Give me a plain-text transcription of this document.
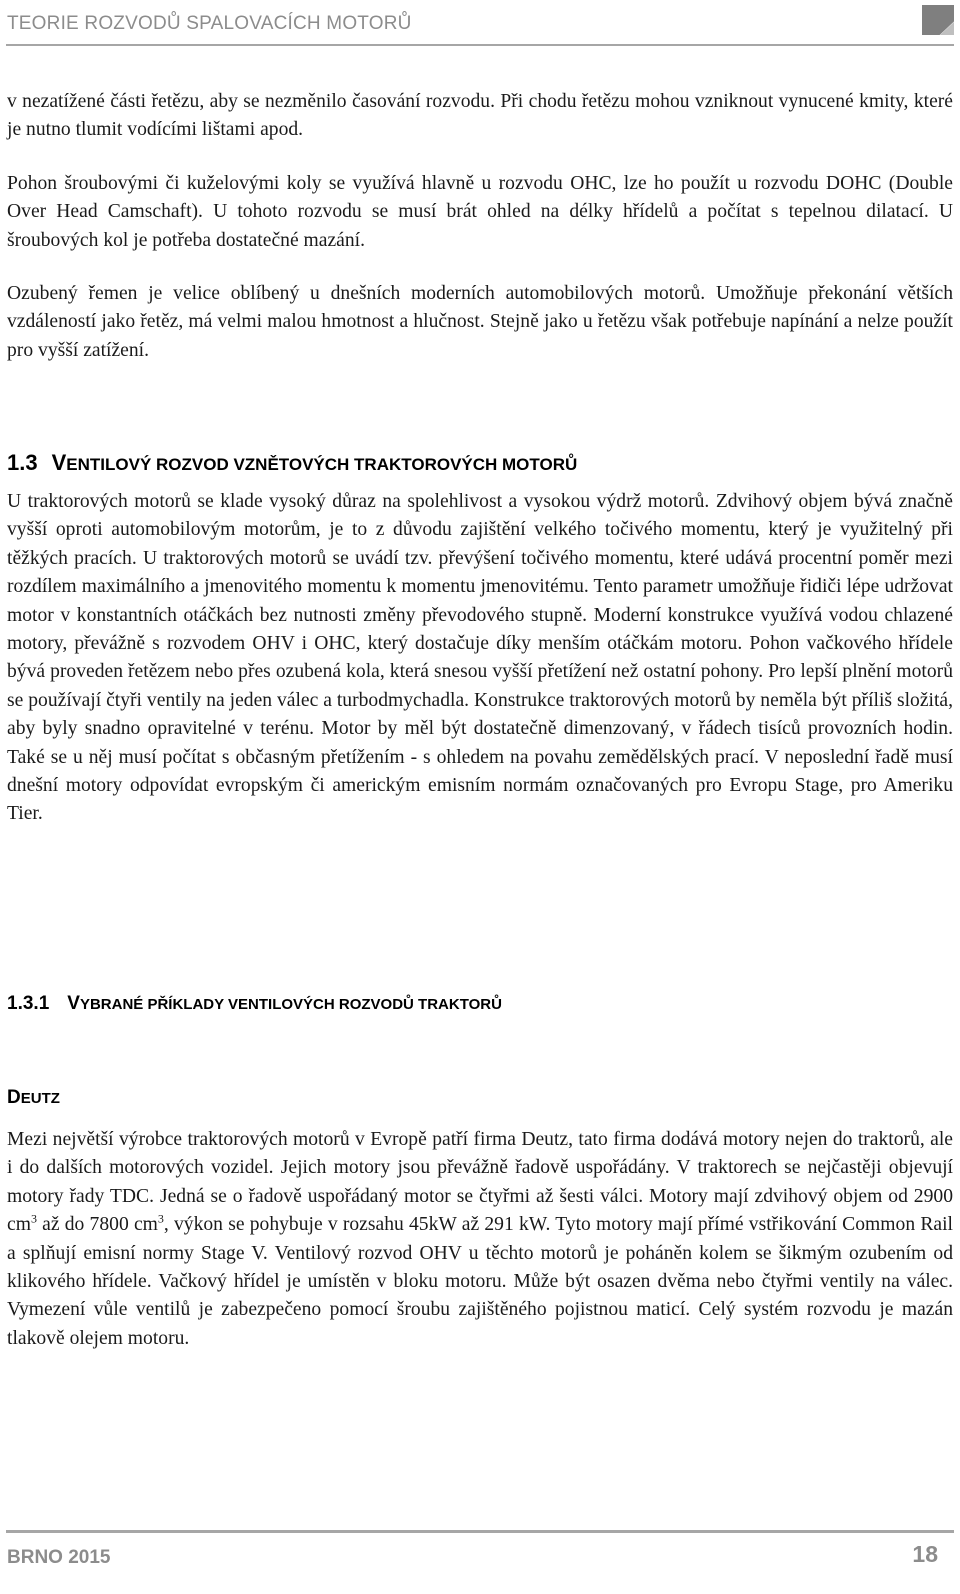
TEORIE ROZVODŮ SPALOVACÍCH MOTORŮ

v nezatížené části řetězu, aby se nezměnilo časování rozvodu. Při chodu řetězu mohou vzniknout vynucené kmity, které je nutno tlumit vodícími lištami apod.

Pohon šroubovými či kuželovými koly se využívá hlavně u rozvodu OHC, lze ho použít u rozvodu DOHC (Double Over Head Camschaft). U tohoto rozvodu se musí brát ohled na délky hřídelů a počítat s tepelnou dilatací. U šroubových kol je potřeba dostatečné mazání.

Ozubený řemen je velice oblíbený u dnešních moderních automobilových motorů. Umožňuje překonání větších vzdáleností jako řetěz, má velmi malou hmotnost a hlučnost. Stejně jako u řetězu však potřebuje napínání a nelze použít pro vyšší zatížení.

1.3 VENTILOVÝ ROZVOD VZNĚTOVÝCH TRAKTOROVÝCH MOTORŮ

U traktorových motorů se klade vysoký důraz na spolehlivost a vysokou výdrž motorů. Zdvihový objem bývá značně vyšší oproti automobilovým motorům, je to z důvodu zajištění velkého točivého momentu, který je využitelný při těžkých pracích. U traktorových motorů se uvádí tzv. převýšení točivého momentu, které udává procentní poměr mezi rozdílem maximálního a jmenovitého momentu k momentu jmenovitému. Tento parametr umožňuje řidiči lépe udržovat motor v konstantních otáčkách bez nutnosti změny převodového stupně. Moderní konstrukce využívá vodou chlazené motory, převážně s rozvodem OHV i OHC, který dostačuje díky menším otáčkám motoru. Pohon vačkového hřídele bývá proveden řetězem nebo přes ozubená kola, která snesou vyšší přetížení než ostatní pohony. Pro lepší plnění motorů se používají čtyři ventily na jeden válec a turbodmychadla. Konstrukce traktorových motorů by neměla být příliš složitá, aby byly snadno opravitelné v terénu. Motor by měl být dostatečně dimenzovaný, v řádech tisíců provozních hodin. Také se u něj musí počítat s občasným přetížením - s ohledem na povahu zemědělských prací. V neposlední řadě musí dnešní motory odpovídat evropským či americkým emisním normám označovaných pro Evropu Stage, pro Ameriku Tier.

1.3.1 VYBRANÉ PŘÍKLADY VENTILOVÝCH ROZVODŮ TRAKTORŮ
DEUTZ

Mezi největší výrobce traktorových motorů v Evropě patří firma Deutz, tato firma dodává motory nejen do traktorů, ale i do dalších motorových vozidel. Jejich motory jsou převážně řadově uspořádány. V traktorech se nejčastěji objevují motory řady TDC. Jedná se o řadově uspořádaný motor se čtyřmi až šesti válci. Motory mají zdvihový objem od 2900 $cm^3$ až do 7800 $cm^3$, výkon se pohybuje v rozsahu 45kW až 291 kW. Tyto motory mají přímé vstřikování Common Rail a splňují emisní normy Stage V. Ventilový rozvod OHV u těchto motorů je poháněn kolem se šikmým ozubením od klikového hřídele. Vačkový hřídel je umístěn v bloku motoru. Může být osazen dvěma nebo čtyřmi ventily na válec. Vymezení vůle ventilů je zabezpečeno pomocí šroubu zajištěného pojistnou maticí. Celý systém rozvodu je mazán tlakově olejem motoru.

BRNO 2015	18
